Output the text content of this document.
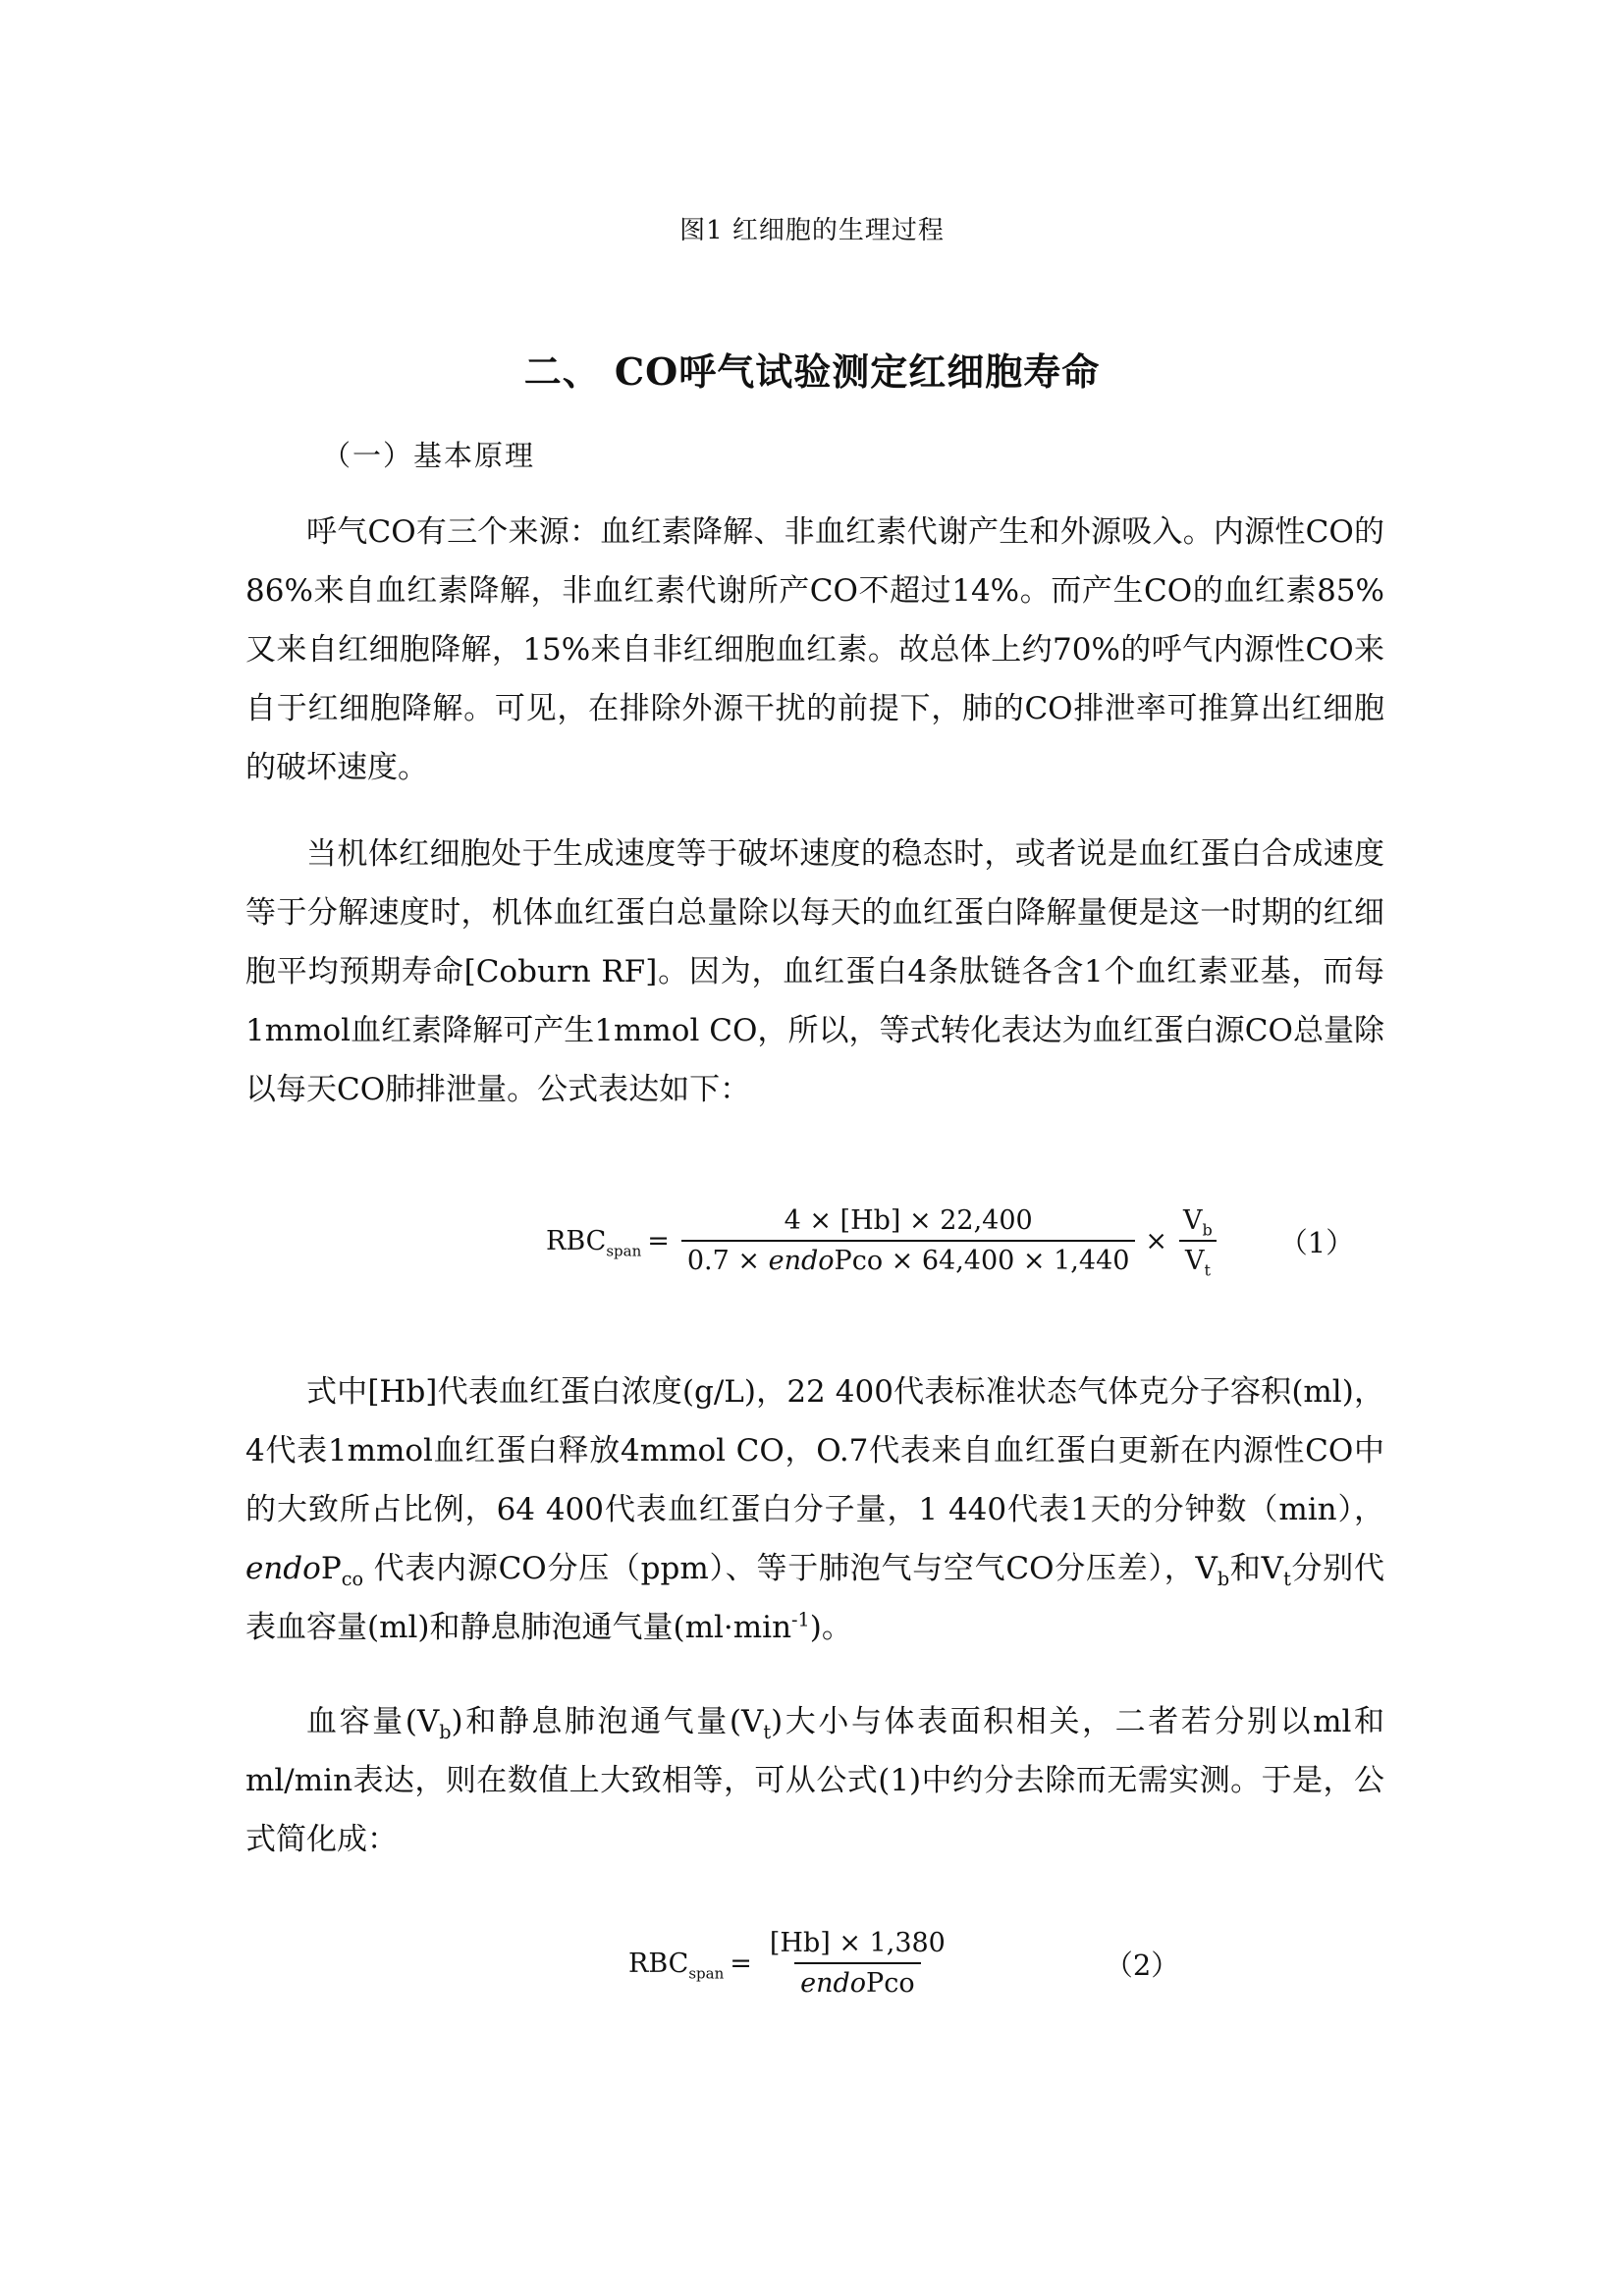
图1 红细胞的生理过程
二、 CO呼气试验测定红细胞寿命
（一）基本原理
呼气CO有三个来源：血红素降解、非血红素代谢产生和外源吸入。内源性CO的86%来自血红素降解，非血红素代谢所产CO不超过14%。而产生CO的血红素85%又来自红细胞降解，15%来自非红细胞血红素。故总体上约70%的呼气内源性CO来自于红细胞降解。可见，在排除外源干扰的前提下，肺的CO排泄率可推算出红细胞的破坏速度。
当机体红细胞处于生成速度等于破坏速度的稳态时，或者说是血红蛋白合成速度等于分解速度时，机体血红蛋白总量除以每天的血红蛋白降解量便是这一时期的红细胞平均预期寿命[Coburn RF]。因为，血红蛋白4条肽链各含1个血红素亚基，而每1mmol血红素降解可产生1mmol CO，所以，等式转化表达为血红蛋白源CO总量除以每天CO肺排泄量。公式表达如下：
$RBC_{span} = \frac{4 \times [Hb] \times 22,400}{\text{0.7 × endoPco × 64,400 × 1,440}} \times \frac{V_b}{V_t} (1)$
式中[Hb]代表血红蛋白浓度(g/L)，22 400代表标准状态气体克分子容积(ml)，4代表1mmol血红蛋白释放4mmol CO，O.7代表来自血红蛋白更新在内源性CO中的大致所占比例，64 400代表血红蛋白分子量，1 440代表1天的分钟数（min），endoP$_{co}$ 代表内源CO分压（ppm）、等于肺泡气与空气CO分压差），$V_b$和$V_t$分别代表血容量(ml)和静息肺泡通气量$(ml\cdot\min^{-1})$。
血容量$(V_b)$和静息肺泡通气量$(V_t)$大小与体表面积相关，二者若分别以ml和ml/min表达，则在数值上大致相等，可从公式(1)中约分去除而无需实测。于是，公式简化成：
$RBC_{span} = \frac{[Hb] \times 1,380}{\text{endoPco}}$	（2）
